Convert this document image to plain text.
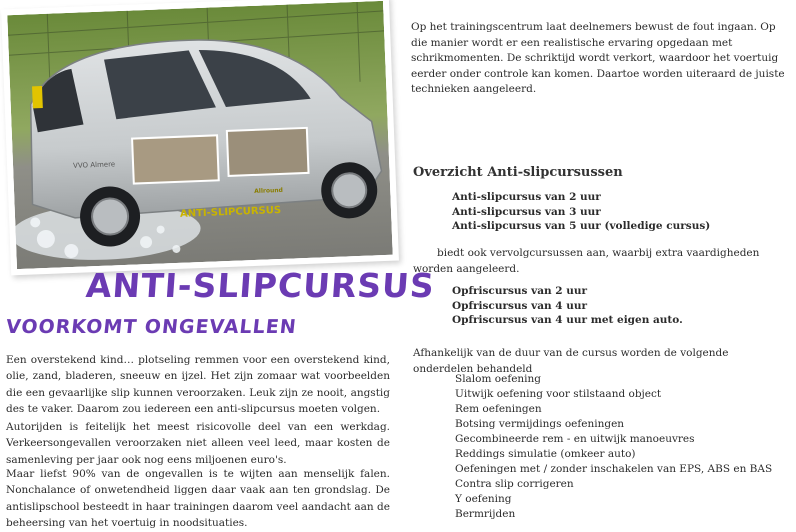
VVO Almere
Allround
ANTI-SLIPCURSUS
ANTI-SLIPCURSUS
VOORKOMT ONGEVALLEN

Een overstekend kind… plotseling remmen voor een overstekend kind, olie, zand, bladeren, sneeuw en ijzel. Het zijn zomaar wat voorbeelden die een gevaarlijke slip kunnen veroorzaken. Leuk zijn ze nooit, angstig des te vaker. Daarom zou iedereen een anti-slipcursus moeten volgen.

Autorijden is feitelijk het meest risicovolle deel van een werkdag. Verkeersongevallen veroorzaken niet alleen veel leed, maar kosten de samenleving per jaar ook nog eens miljoenen euro's.

Maar liefst 90% van de ongevallen is te wijten aan menselijk falen. Nonchalance of onwetendheid liggen daar vaak aan ten grondslag. De antislipschool besteedt in haar trainingen daarom veel aandacht aan de beheersing van het voertuig in noodsituaties.

Op het trainingscentrum laat deelnemers bewust de fout ingaan. Op die manier wordt er een realistische ervaring opgedaan met schrikmomenten. De schriktijd wordt verkort, waardoor het voertuig eerder onder controle kan komen. Daartoe worden uiteraard de juiste technieken aangeleerd.

Overzicht Anti-slipcursussen
Anti-slipcursus van 2 uur
Anti-slipcursus van 3 uur
Anti-slipcursus van 5 uur (volledige cursus)

biedt ook vervolgcursussen aan, waarbij extra vaardigheden worden aangeleerd.

Opfriscursus van 2 uur
Opfriscursus van 4 uur
Opfriscursus van 4 uur met eigen auto.

Afhankelijk van de duur van de cursus worden de volgende onderdelen behandeld

Slalom oefening
Uitwijk oefening voor stilstaand object
Rem oefeningen
Botsing vermijdings oefeningen
Gecombineerde rem - en uitwijk manoeuvres
Reddings simulatie (omkeer auto)
Oefeningen met / zonder inschakelen van EPS, ABS en BAS
Contra slip corrigeren
Y oefening
Bermrijden
